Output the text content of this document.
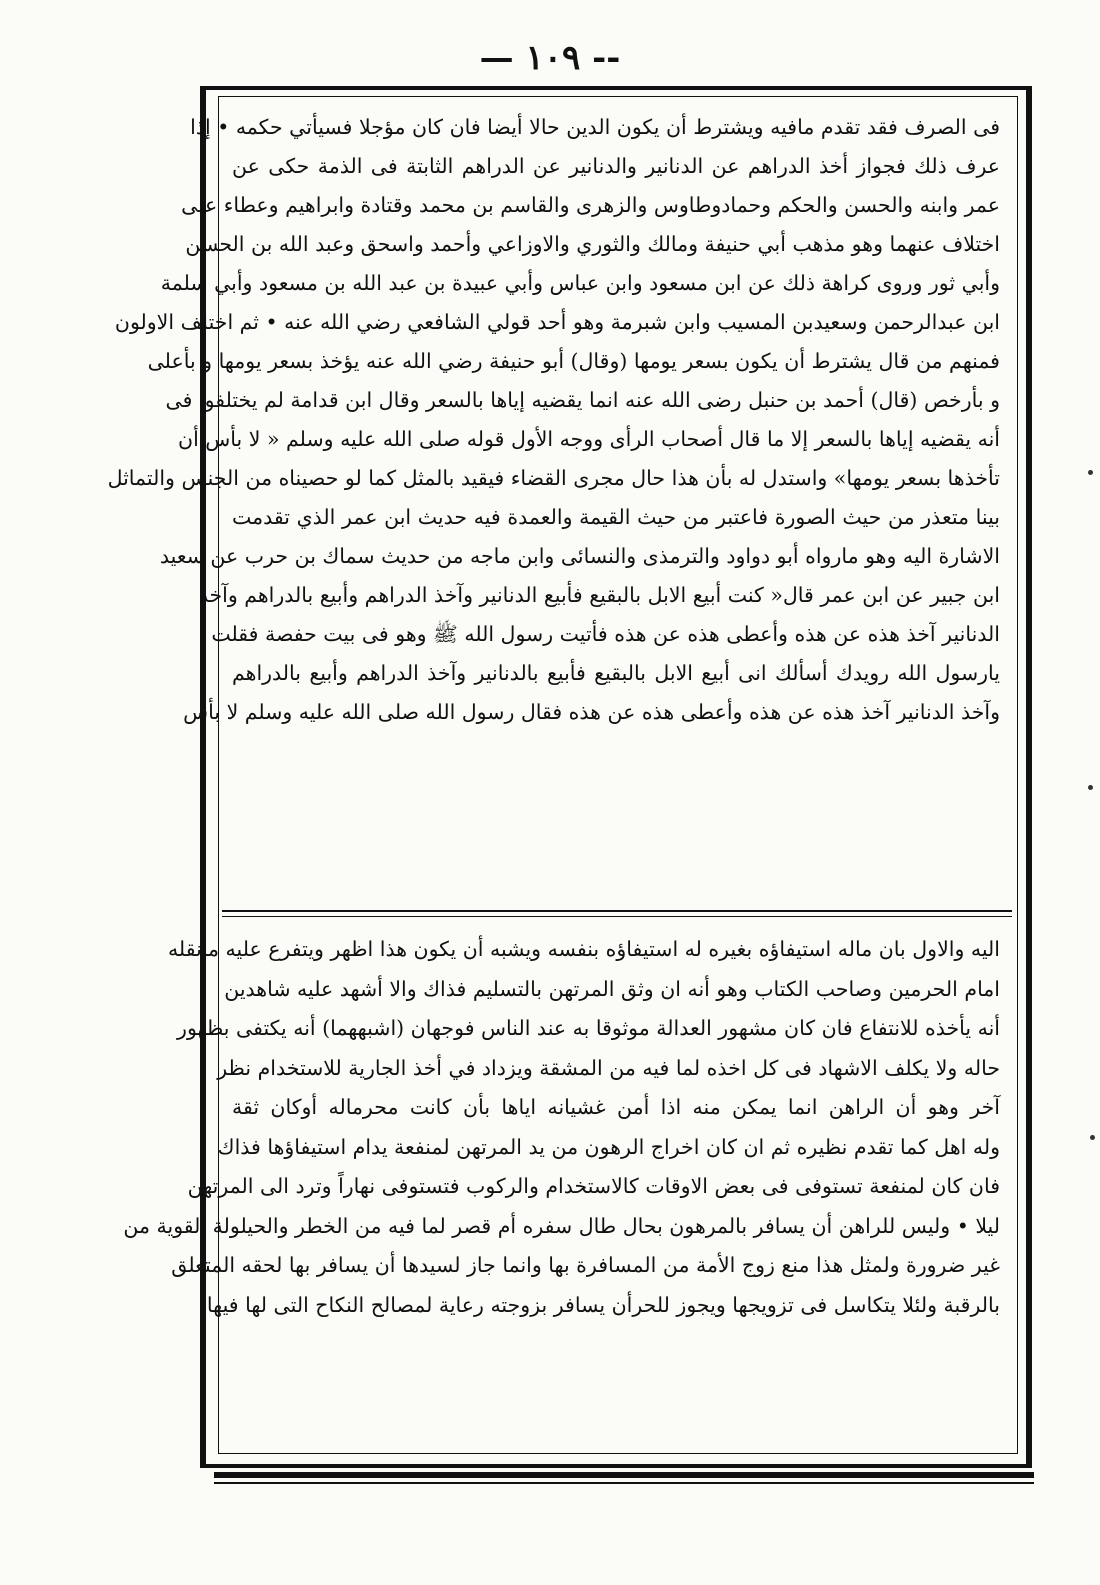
— ١٠٩ --
فى الصرف فقد تقدم مافيه ويشترط أن يكون الدين حالا أيضا فان كان مؤجلا فسيأتي حكمه • إذا
عرف ذلك فجواز أخذ الدراهم عن الدنانير والدنانير عن الدراهم الثابتة فى الذمة حكى عن
عمر وابنه والحسن والحكم وحمادوطاوس والزهرى والقاسم بن محمد وقتادة وابراهيم وعطاء على
اختلاف عنهما وهو مذهب أبي حنيفة ومالك والثوري والاوزاعي وأحمد واسحق وعبد الله بن الحسن
وأبي ثور وروى كراهة ذلك عن ابن مسعود وابن عباس وأبي عبيدة بن عبد الله بن مسعود وأبي سلمة
ابن عبدالرحمن وسعيدبن المسيب وابن شبرمة وهو أحد قولي الشافعي رضي الله عنه • ثم اختلف الاولون
فمنهم من قال يشترط أن يكون بسعر يومها (وقال) أبو حنيفة رضي الله عنه يؤخذ بسعر يومها و بأعلى
و بأرخص (قال) أحمد بن حنبل رضى الله عنه انما يقضيه إياها بالسعر وقال ابن قدامة لم يختلفوا فى
أنه يقضيه إياها بالسعر إلا ما قال أصحاب الرأى ووجه الأول قوله صلى الله عليه وسلم « لا بأس أن
تأخذها بسعر يومها» واستدل له بأن هذا حال مجرى القضاء فيقيد بالمثل كما لو حصيناه من الجنس والتماثل
بينا متعذر من حيث الصورة فاعتبر من حيث القيمة والعمدة فيه حديث ابن عمر الذي تقدمت
الاشارة اليه وهو مارواه أبو دواود والترمذى والنسائى وابن ماجه من حديث سماك بن حرب عن سعيد
ابن جبير عن ابن عمر قال« كنت أبيع الابل بالبقيع فأبيع الدنانير وآخذ الدراهم وأبيع بالدراهم وآخذ
الدنانير آخذ هذه عن هذه وأعطى هذه عن هذه فأتيت رسول الله ﷺ وهو فى بيت حفصة فقلت
يارسول الله رويدك أسألك انى أبيع الابل بالبقيع فأبيع بالدنانير وآخذ الدراهم وأبيع بالدراهم
وآخذ الدنانير آخذ هذه عن هذه وأعطى هذه عن هذه فقال رسول الله صلى الله عليه وسلم لا بأس
اليه والاول بان ماله استيفاؤه بغيره له استيفاؤه بنفسه ويشبه أن يكون هذا اظهر ويتفرع عليه مانقله
امام الحرمين وصاحب الكتاب وهو أنه ان وثق المرتهن بالتسليم فذاك والا أشهد عليه شاهدين
أنه يأخذه للانتفاع فان كان مشهور العدالة موثوقا به عند الناس فوجهان (اشبههما) أنه يكتفى بظهور
حاله ولا يكلف الاشهاد فى كل اخذه لما فيه من المشقة ويزداد في أخذ الجارية للاستخدام نظر
آخر وهو أن الراهن انما يمكن منه اذا أمن غشيانه اياها بأن كانت محرماله أوكان ثقة
وله اهل كما تقدم نظيره ثم ان كان اخراج الرهون من يد المرتهن لمنفعة يدام استيفاؤها فذاك
فان كان لمنفعة تستوفى فى بعض الاوقات كالاستخدام والركوب فتستوفى نهاراً وترد الى المرتهن
ليلا • وليس للراهن أن يسافر بالمرهون بحال طال سفره أم قصر لما فيه من الخطر والحيلولة القوية من
غير ضرورة ولمثل هذا منع زوج الأمة من المسافرة بها وانما جاز لسيدها أن يسافر بها لحقه المتعلق
بالرقبة ولئلا يتكاسل فى تزويجها ويجوز للحرأن يسافر بزوجته رعاية لمصالح النكاح التى لها فيها
